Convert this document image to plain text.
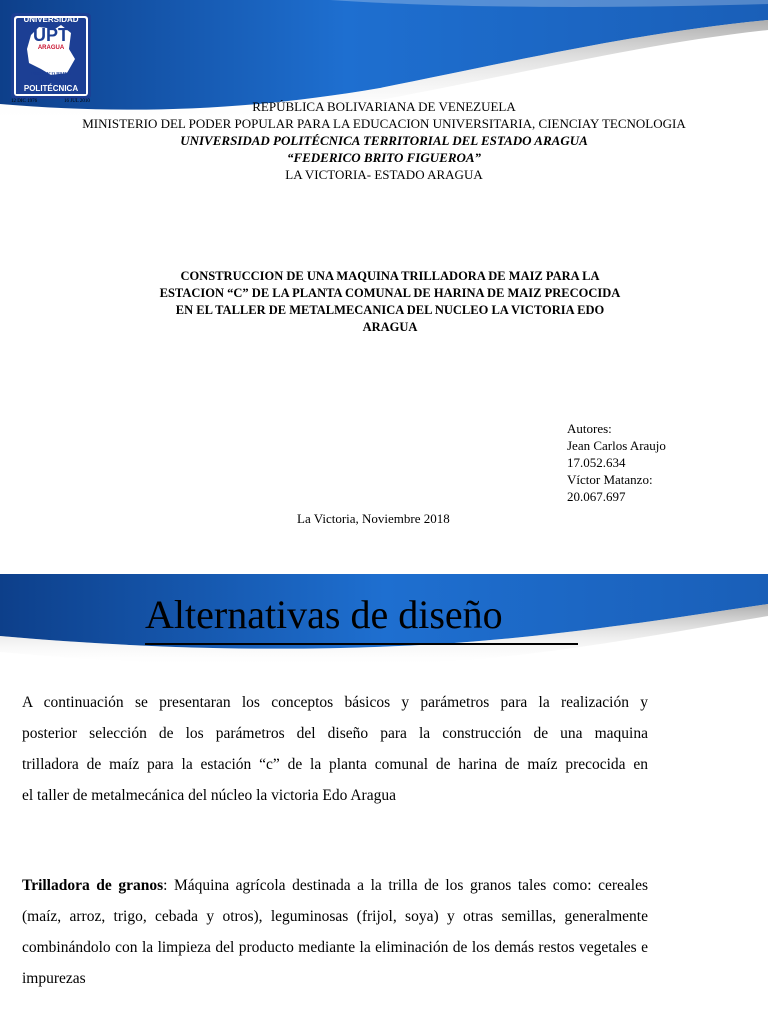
UNIVERSIDAD
UPT
ARAGUA
FEDERICO BRITO FIGUEROA
POLITÉCNICA
12 DIC 1976	16 JUL 2010	REPÚBLICA BOLIVARIANA DE VENEZUELA
MINISTERIO DEL PODER POPULAR PARA LA EDUCACION UNIVERSITARIA, CIENCIAY TECNOLOGIA
UNIVERSIDAD POLITÉCNICA TERRITORIAL DEL ESTADO ARAGUA
“FEDERICO BRITO FIGUEROA”
LA VICTORIA- ESTADO ARAGUA
CONSTRUCCION DE UNA MAQUINA TRILLADORA DE MAIZ PARA LA
ESTACION “C” DE LA PLANTA COMUNAL DE HARINA DE MAIZ PRECOCIDA
EN EL TALLER DE METALMECANICA DEL NUCLEO LA VICTORIA EDO
ARAGUA
Autores:
Jean Carlos Araujo
17.052.634
Víctor Matanzo:
20.067.697
La Victoria, Noviembre 2018
Alternativas de diseño
A continuación se presentaran los conceptos básicos y parámetros para la realización y
posterior selección de los parámetros del diseño para la construcción de una maquina
trilladora de maíz para la estación “c” de la planta comunal de harina de maíz precocida en
el taller de metalmecánica del núcleo la victoria Edo Aragua
Trilladora de granos: Máquina agrícola destinada a la trilla de los granos tales como: cereales
(maíz, arroz, trigo, cebada y otros), leguminosas (frijol, soya) y otras semillas, generalmente
combinándolo con la limpieza del producto mediante la eliminación de los demás restos vegetales e
impurezas
